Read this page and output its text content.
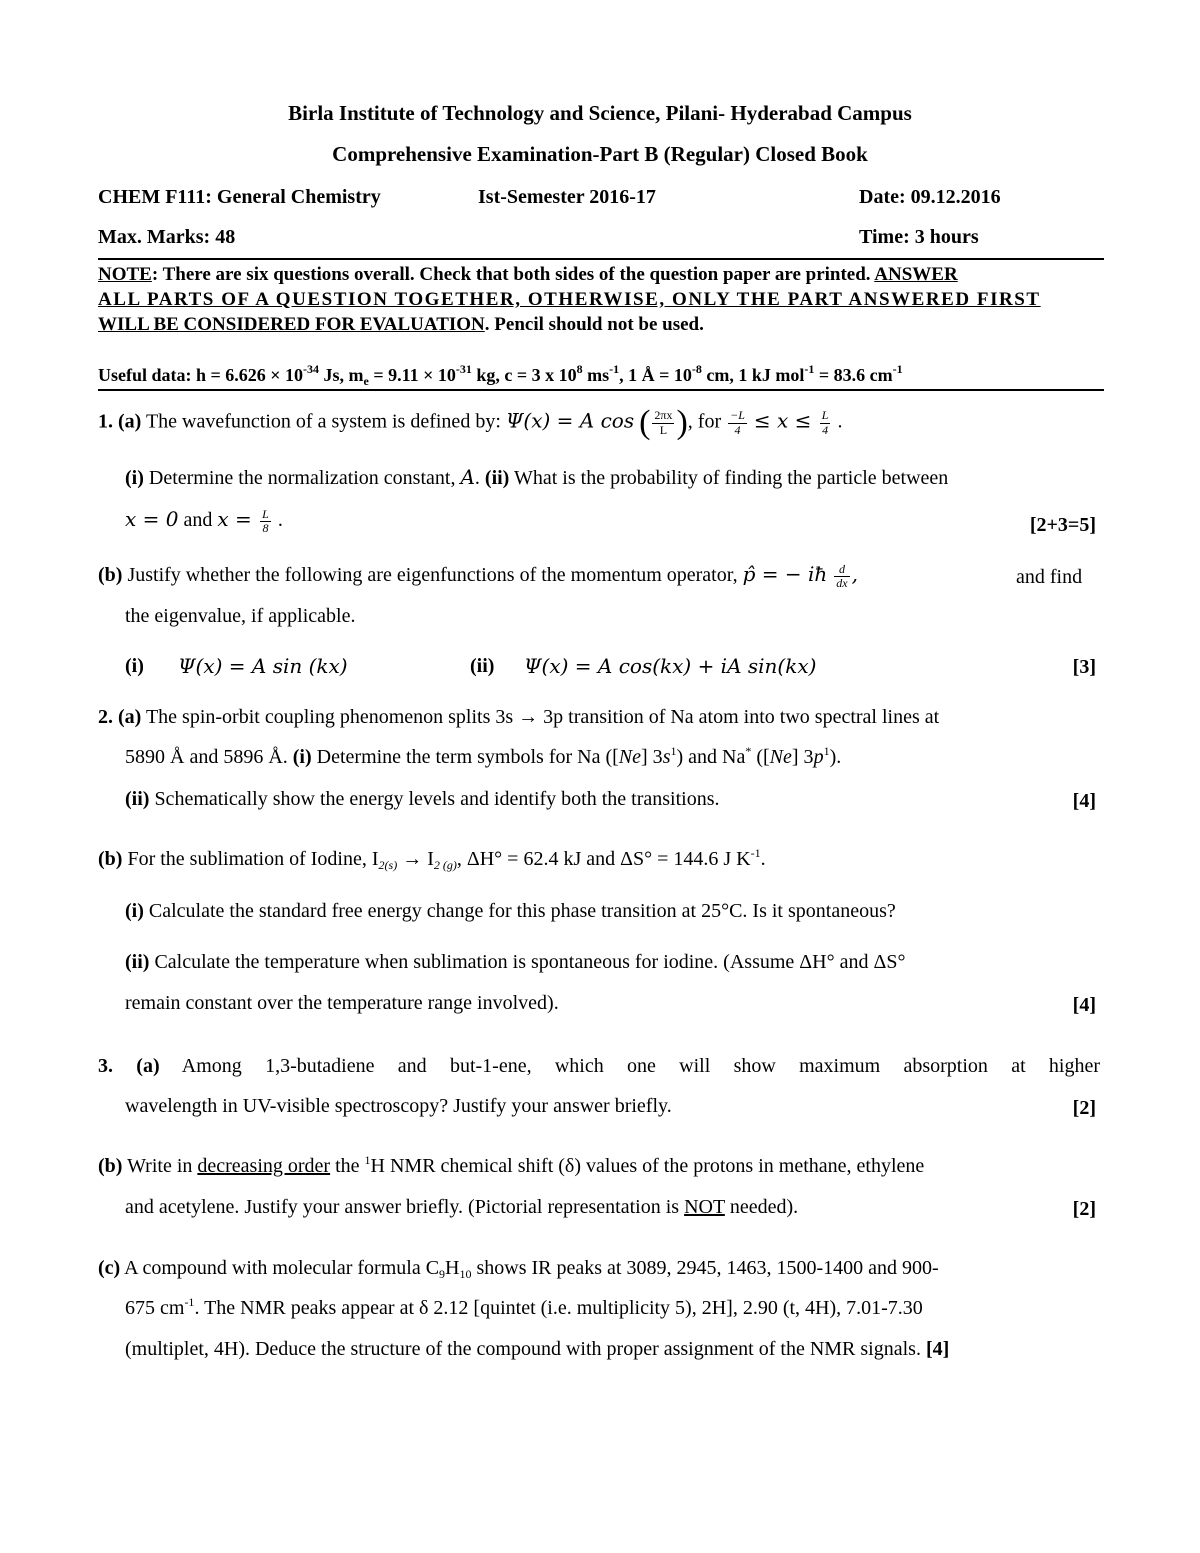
Birla Institute of Technology and Science, Pilani- Hyderabad Campus
Comprehensive Examination-Part B (Regular) Closed Book
CHEM F111: General Chemistry	Ist-Semester 2016-17	Date: 09.12.2016
Max. Marks: 48	Time: 3 hours
NOTE: There are six questions overall. Check that both sides of the question paper are printed. ANSWER
ALL PARTS OF A QUESTION TOGETHER, OTHERWISE, ONLY THE PART ANSWERED FIRST
WILL BE CONSIDERED FOR EVALUATION. Pencil should not be used.
Useful data: $h = 6.626 \times 10^{-34}$ Js, $m_e = 9.11 \times 10^{-31}$ kg, c = 3 x $10^8$ $ms^{-1}$, 1 Å = $10^{-8}$ cm, 1 kJ mol$^{-1}$ = 83.6 $cm^{-1}$
1. (a) The wavefunction of a system is defined by: Ψ(x) = A cos ( $\frac{2\pi x}{L}$ ), for $\frac{-L}{4} \le x \le \frac{L}{4}$ .
(i) Determine the normalization constant, A. (ii) What is the probability of finding the particle between
x = 0 and $x = \frac{L}{8}$ .	[2+3=5]
(b) Justify whether the following are eigenfunctions of the momentum operator, p̂ = − iħ $\frac{d}{dx}$ ,	and find
the eigenvalue, if applicable.
(i) Ψ(x) = A sin (kx)	(ii) Ψ(x) = A cos(kx) + iA sin(kx)	[3]
2. (a) The spin-orbit coupling phenomenon splits 3s → 3p transition of Na atom into two spectral lines at
5890 Å and 5896 Å. (i) Determine the term symbols for Na ([Ne] $3s^1$) and Na* ([Ne] $3p^1$).
(ii) Schematically show the energy levels and identify both the transitions.	[4]
(b) For the sublimation of Iodine, $I_{2(s)} \to I_{2 (g)}$, ΔH° = 62.4 kJ and ΔS° = 144.6 J $K^{-1}$.
(i) Calculate the standard free energy change for this phase transition at 25°C. Is it spontaneous?
(ii) Calculate the temperature when sublimation is spontaneous for iodine. (Assume ΔH° and ΔS°
remain constant over the temperature range involved).	[4]
3. (a) Among 1,3-butadiene and but-1-ene, which one will show maximum absorption at higher
wavelength in UV-visible spectroscopy? Justify your answer briefly.	[2]
(b) Write in decreasing order the $^1$H NMR chemical shift (δ) values of the protons in methane, ethylene
and acetylene. Justify your answer briefly. (Pictorial representation is NOT needed).	[2]
(c) A compound with molecular formula $C_9H_{10}$ shows IR peaks at 3089, 2945, 1463, 1500-1400 and 900-
675 $cm^{-1}$. The NMR peaks appear at δ 2.12 [quintet (i.e. multiplicity 5), 2H], 2.90 (t, 4H), 7.01-7.30
(multiplet, 4H). Deduce the structure of the compound with proper assignment of the NMR signals. [4]
